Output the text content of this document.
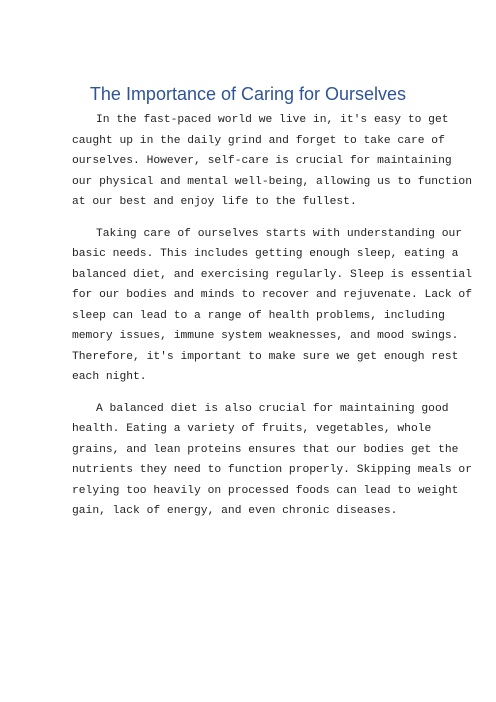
The Importance of Caring for Ourselves
In the fast-paced world we live in, it's easy to get
caught up in the daily grind and forget to take care of
ourselves. However, self-care is crucial for maintaining
our physical and mental well-being, allowing us to function
at our best and enjoy life to the fullest.
Taking care of ourselves starts with understanding our
basic needs. This includes getting enough sleep, eating a
balanced diet, and exercising regularly. Sleep is essential
for our bodies and minds to recover and rejuvenate. Lack of
sleep can lead to a range of health problems, including
memory issues, immune system weaknesses, and mood swings.
Therefore, it's important to make sure we get enough rest
each night.
A balanced diet is also crucial for maintaining good
health. Eating a variety of fruits, vegetables, whole
grains, and lean proteins ensures that our bodies get the
nutrients they need to function properly. Skipping meals or
relying too heavily on processed foods can lead to weight
gain, lack of energy, and even chronic diseases.
